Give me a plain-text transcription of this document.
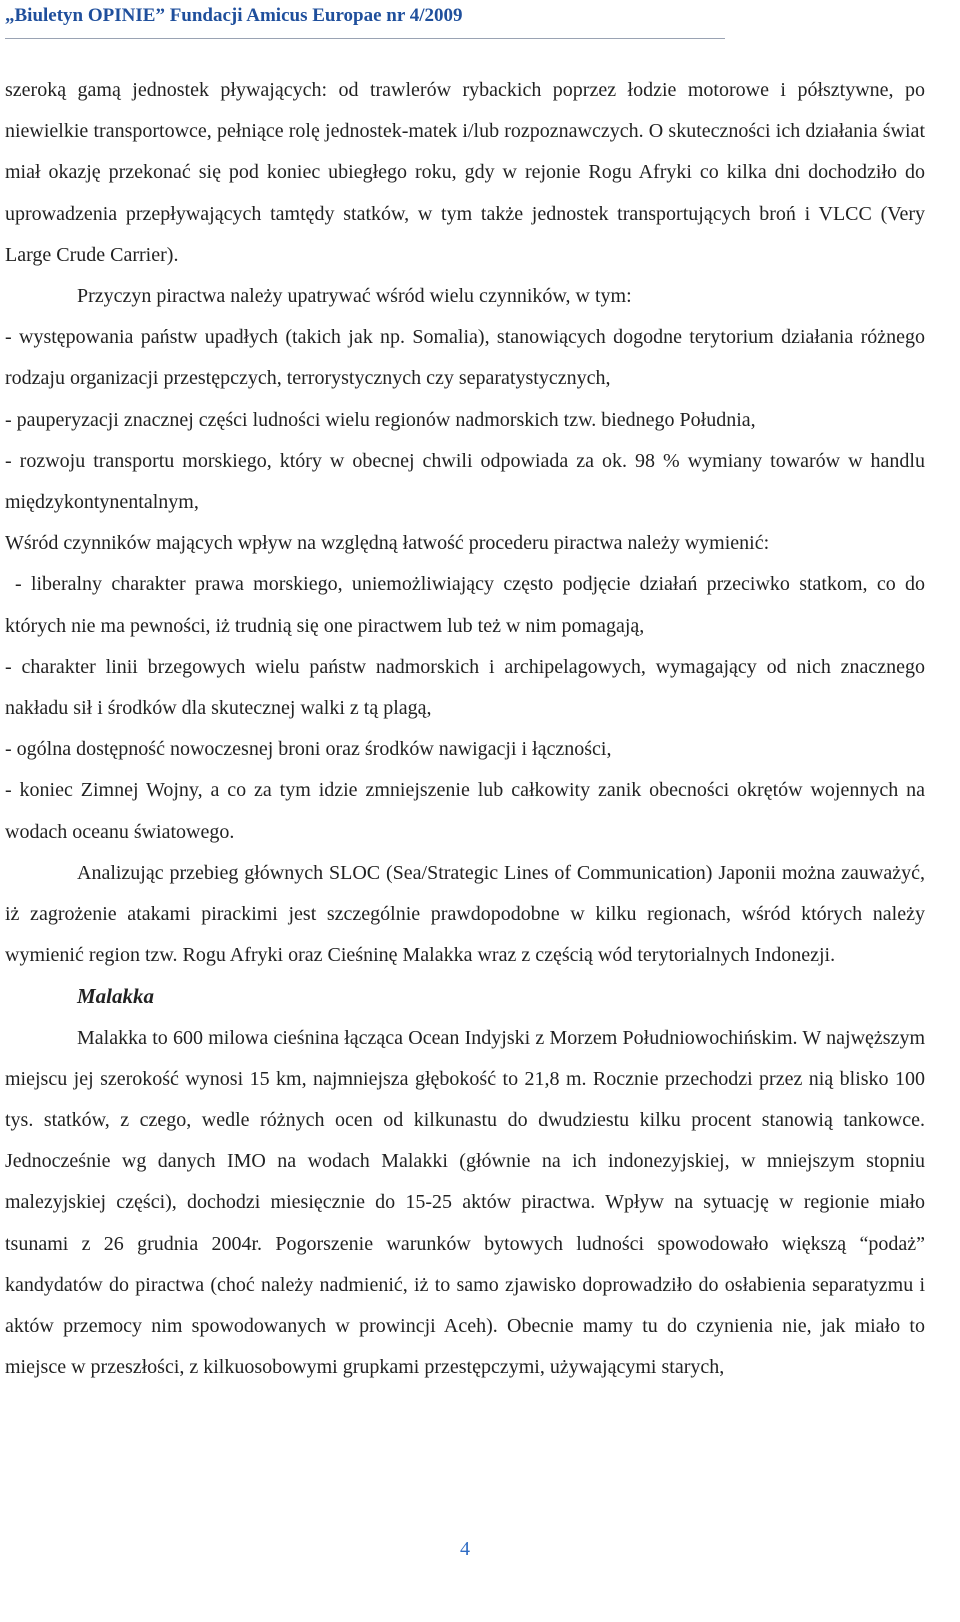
„Biuletyn OPINIE” Fundacji Amicus Europae nr 4/2009

szeroką gamą jednostek pływających: od trawlerów rybackich poprzez łodzie motorowe i półsztywne, po niewielkie transportowce, pełniące rolę jednostek-matek i/lub rozpoznawczych. O skuteczności ich działania świat miał okazję przekonać się pod koniec ubiegłego roku, gdy w rejonie Rogu Afryki co kilka dni dochodziło do uprowadzenia przepływających tamtędy statków, w tym także jednostek transportujących broń i VLCC (Very Large Crude Carrier).

Przyczyn piractwa należy upatrywać wśród wielu czynników, w tym:

- występowania państw upadłych (takich jak np. Somalia), stanowiących dogodne terytorium działania różnego rodzaju organizacji przestępczych, terrorystycznych czy separatystycznych,

- pauperyzacji znacznej części ludności wielu regionów nadmorskich tzw. biednego Południa,

- rozwoju transportu morskiego, który w obecnej chwili odpowiada za ok. 98 % wymiany towarów w handlu międzykontynentalnym,

Wśród czynników mających wpływ na względną łatwość procederu piractwa należy wymienić:

- liberalny charakter prawa morskiego, uniemożliwiający często podjęcie działań przeciwko statkom, co do których nie ma pewności, iż trudnią się one piractwem lub też w nim pomagają,

- charakter linii brzegowych wielu państw nadmorskich i archipelagowych, wymagający od nich znacznego nakładu sił i środków dla skutecznej walki z tą plagą,

- ogólna dostępność nowoczesnej broni oraz środków nawigacji i łączności,

- koniec Zimnej Wojny, a co za tym idzie zmniejszenie lub całkowity zanik obecności okrętów wojennych na wodach oceanu światowego.

Analizując przebieg głównych SLOC (Sea/Strategic Lines of Communication) Japonii można zauważyć, iż zagrożenie atakami pirackimi jest szczególnie prawdopodobne w kilku regionach, wśród których należy wymienić region tzw. Rogu Afryki oraz Cieśninę Malakka wraz z częścią wód terytorialnych Indonezji.

Malakka

Malakka to 600 milowa cieśnina łącząca Ocean Indyjski z Morzem Południowochińskim. W najwęższym miejscu jej szerokość wynosi 15 km, najmniejsza głębokość to 21,8 m. Rocznie przechodzi przez nią blisko 100 tys. statków, z czego, wedle różnych ocen od kilkunastu do dwudziestu kilku procent stanowią tankowce. Jednocześnie wg danych IMO na wodach Malakki (głównie na ich indonezyjskiej, w mniejszym stopniu malezyjskiej części), dochodzi miesięcznie do 15-25 aktów piractwa. Wpływ na sytuację w regionie miało tsunami z 26 grudnia 2004r. Pogorszenie warunków bytowych ludności spowodowało większą “podaż” kandydatów do piractwa (choć należy nadmienić, iż to samo zjawisko doprowadziło do osłabienia separatyzmu i aktów przemocy nim spowodowanych w prowincji Aceh). Obecnie mamy tu do czynienia nie, jak miało to miejsce w przeszłości, z kilkuosobowymi grupkami przestępczymi, używającymi starych,

4
